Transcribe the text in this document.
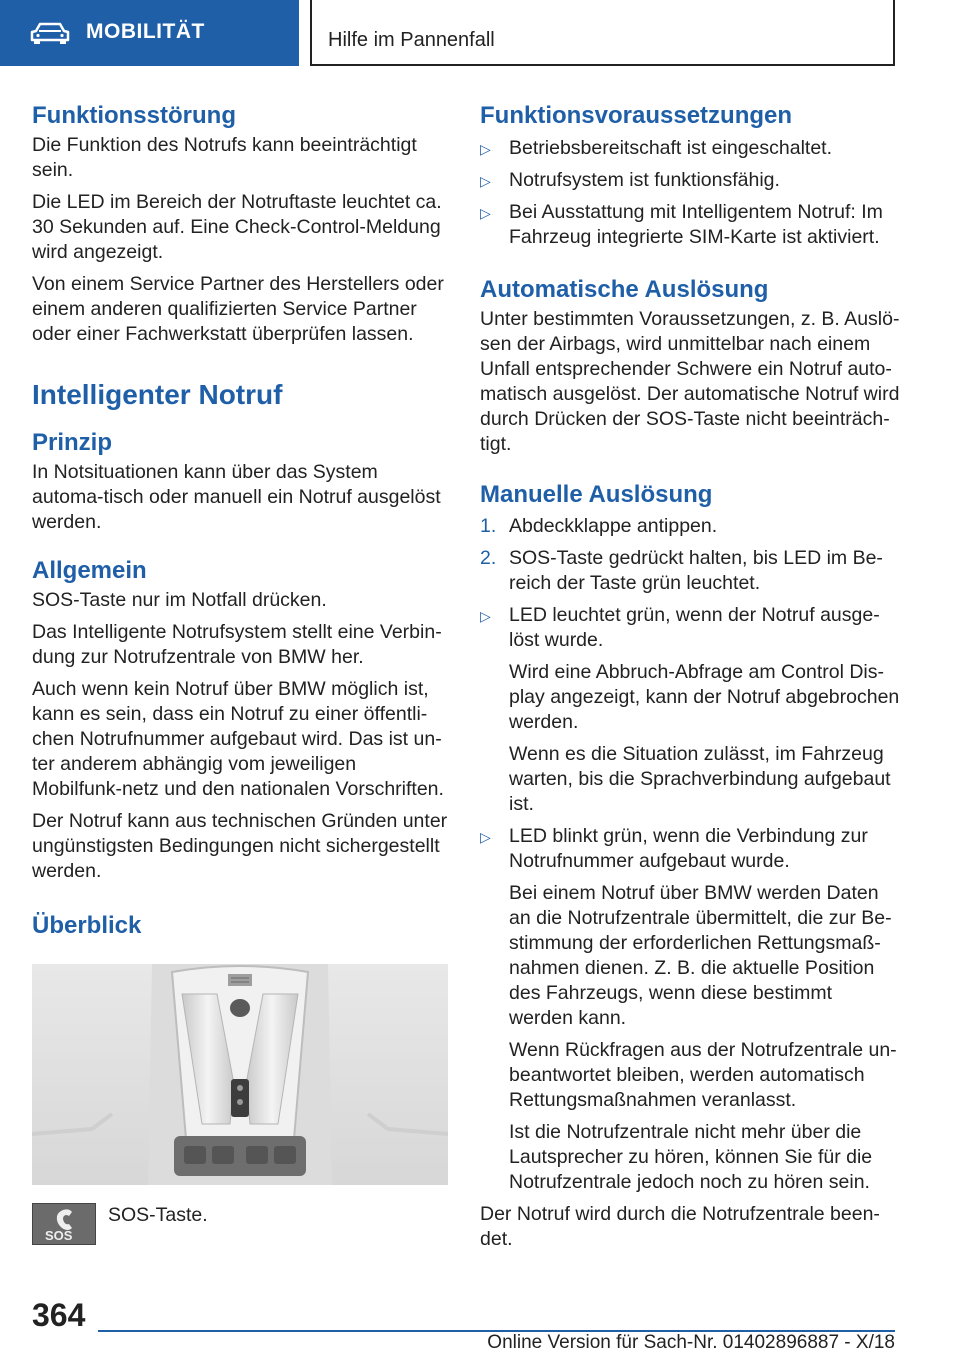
MOBILITÄT	Hilfe im Pannenfall
Funktionsstörung

Die Funktion des Notrufs kann beeinträchtigt sein.

Die LED im Bereich der Notruftaste leuchtet ca. 30 Sekunden auf. Eine Check-Control-Meldung wird angezeigt.

Von einem Service Partner des Herstellers oder einem anderen qualifizierten Service Partner oder einer Fachwerkstatt überprüfen lassen.

Intelligenter Notruf
Prinzip

In Notsituationen kann über das System automa-tisch oder manuell ein Notruf ausgelöst werden.

Allgemein

SOS-Taste nur im Notfall drücken.

Das Intelligente Notrufsystem stellt eine Verbin-dung zur Notrufzentrale von BMW her.

Auch wenn kein Notruf über BMW möglich ist, kann es sein, dass ein Notruf zu einer öffentli-chen Notrufnummer aufgebaut wird. Das ist un-ter anderem abhängig vom jeweiligen Mobilfunk-netz und den nationalen Vorschriften.

Der Notruf kann aus technischen Gründen unter ungünstigsten Bedingungen nicht sichergestellt werden.

Überblick
SOS
SOS-Taste.
Funktionsvoraussetzungen
▷ Betriebsbereitschaft ist eingeschaltet.
▷ Notrufsystem ist funktionsfähig.
▷ Bei Ausstattung mit Intelligentem Notruf: Im Fahrzeug integrierte SIM-Karte ist aktiviert.
Automatische Auslösung

Unter bestimmten Voraussetzungen, z. B. Auslö-sen der Airbags, wird unmittelbar nach einem Unfall entsprechender Schwere ein Notruf auto-matisch ausgelöst. Der automatische Notruf wird durch Drücken der SOS-Taste nicht beeinträch-tigt.

Manuelle Auslösung
1. Abdeckklappe antippen.
2. SOS-Taste gedrückt halten, bis LED im Be-reich der Taste grün leuchtet.
▷ LED leuchtet grün, wenn der Notruf ausge-löst wurde.
Wird eine Abbruch-Abfrage am Control Dis-play angezeigt, kann der Notruf abgebrochen werden.
Wenn es die Situation zulässt, im Fahrzeug warten, bis die Sprachverbindung aufgebaut ist.
▷ LED blinkt grün, wenn die Verbindung zur Notrufnummer aufgebaut wurde.
Bei einem Notruf über BMW werden Daten an die Notrufzentrale übermittelt, die zur Be-stimmung der erforderlichen Rettungsmaß-nahmen dienen. Z. B. die aktuelle Position des Fahrzeugs, wenn diese bestimmt werden kann.
Wenn Rückfragen aus der Notrufzentrale un-beantwortet bleiben, werden automatisch Rettungsmaßnahmen veranlasst.
Ist die Notrufzentrale nicht mehr über die Lautsprecher zu hören, können Sie für die Notrufzentrale jedoch noch zu hören sein.

Der Notruf wird durch die Notrufzentrale been-det.

364
Online Version für Sach-Nr. 01402896887 - X/18
